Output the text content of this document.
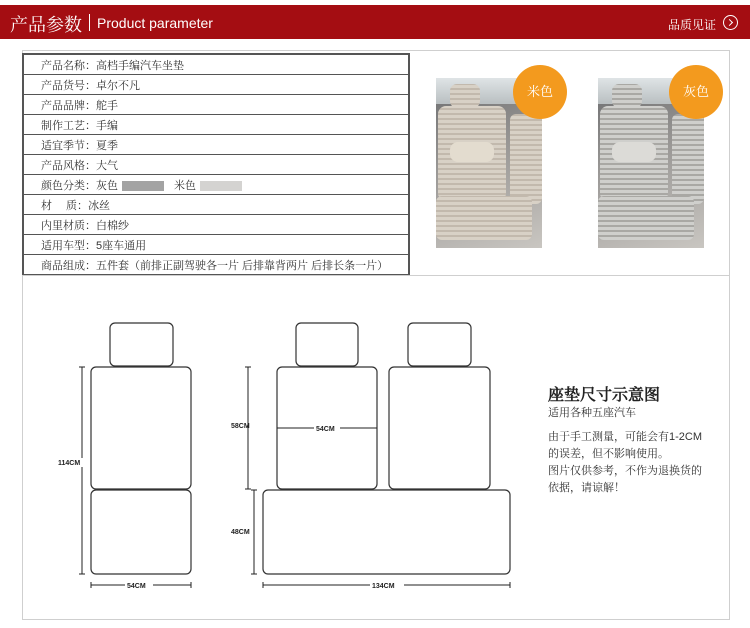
产品参数 Product parameter	品质见证
产品名称：高档手编汽车坐垫
产品货号：卓尔不凡
产品品牌：舵手
制作工艺：手编
适宜季节：夏季
产品风格：大气
颜色分类：灰色	米色
材　 质：冰丝
内里材质：白棉纱
适用车型：5座车通用
商品组成：五件套（前排正副驾驶各一片 后排靠背两片 后排长条一片）
米色	灰色
114CM
54CM
58CM	54CM
48CM
134CM
座垫尺寸示意图
适用各种五座汽车
由于手工测量，可能会有1-2CM
的误差，但不影响使用。
图片仅供参考，不作为退换货的
依据，请谅解！
